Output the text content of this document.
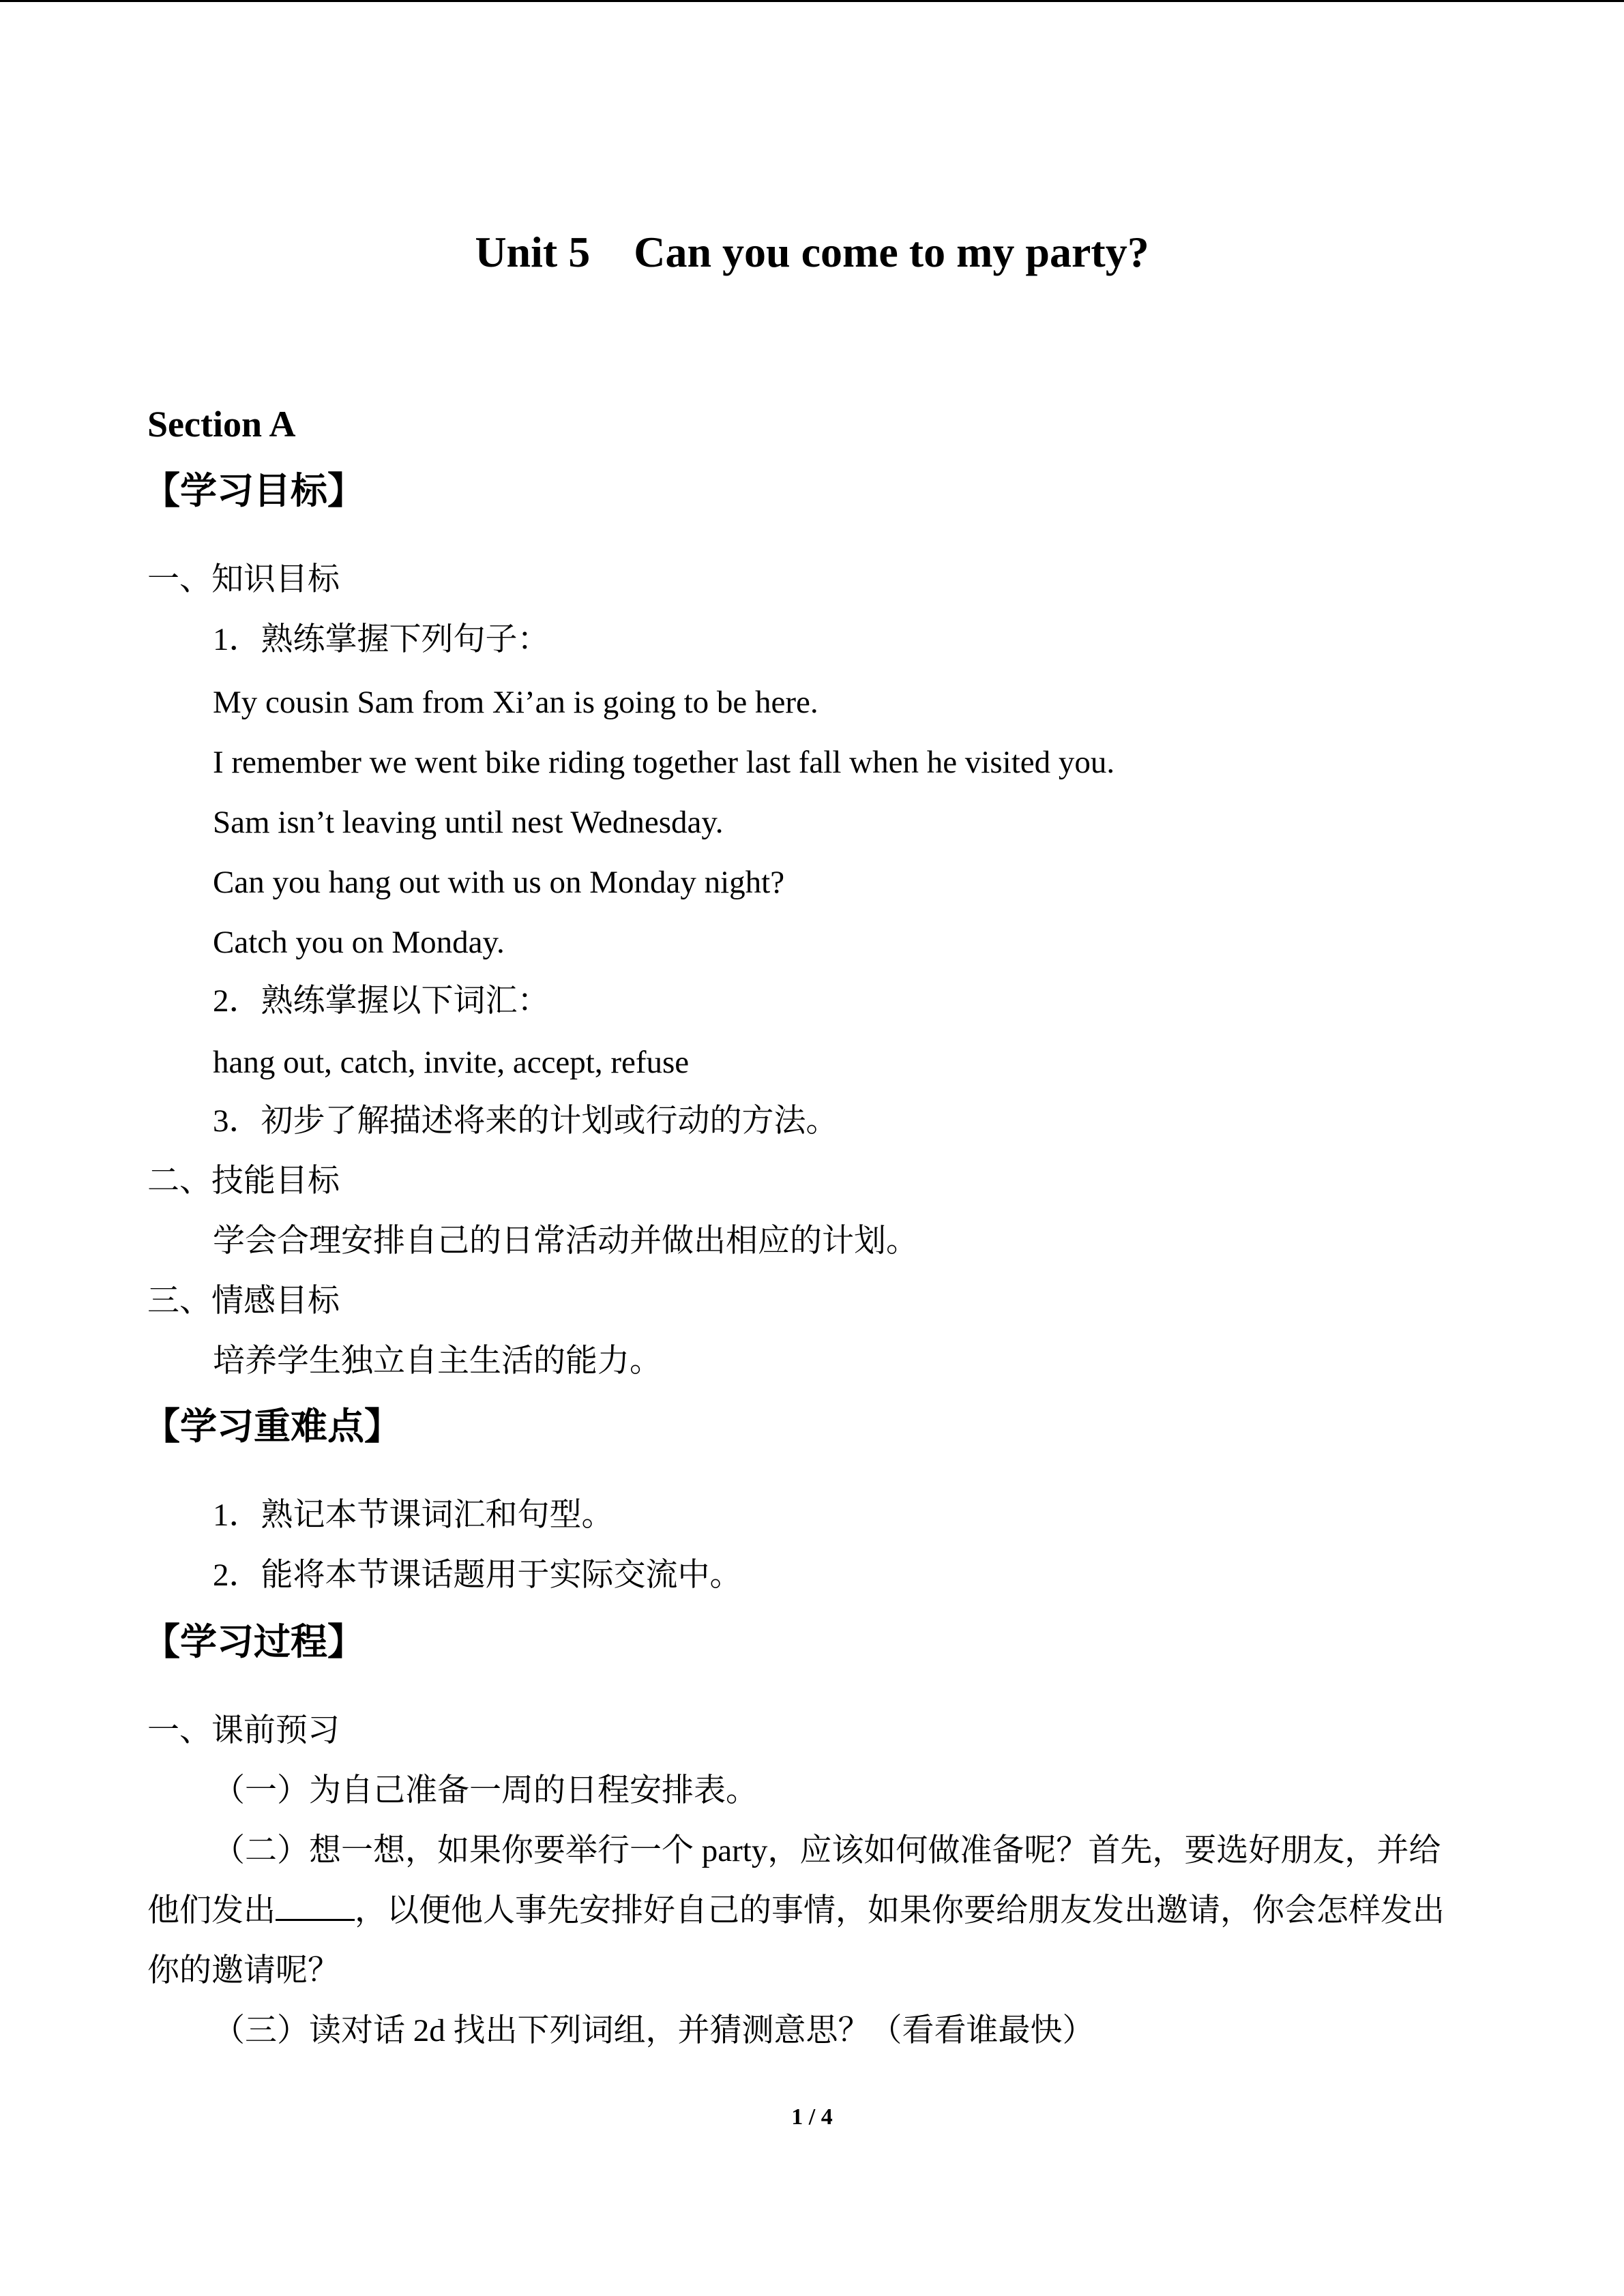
Unit 5    Can you come to my party?
Section A
【学习目标】
一、知识目标
1．熟练掌握下列句子：
My cousin Sam from Xi’an is going to be here.
I remember we went bike riding together last fall when he visited you.
Sam isn’t leaving until nest Wednesday.
Can you hang out with us on Monday night?
Catch you on Monday.
2．熟练掌握以下词汇：
hang out, catch, invite, accept, refuse
3．初步了解描述将来的计划或行动的方法。
二、技能目标
学会合理安排自己的日常活动并做出相应的计划。
三、情感目标
培养学生独立自主生活的能力。
【学习重难点】
1．熟记本节课词汇和句型。
2．能将本节课话题用于实际交流中。
【学习过程】
一、课前预习
（一）为自己准备一周的日程安排表。
（二）想一想，如果你要举行一个 party，应该如何做准备呢？首先，要选好朋友，并给
他们发出 ，以便他人事先安排好自己的事情，如果你要给朋友发出邀请，你会怎样发出
你的邀请呢？
（三）读对话 2d 找出下列词组，并猜测意思？（看看谁最快）
1 / 4
